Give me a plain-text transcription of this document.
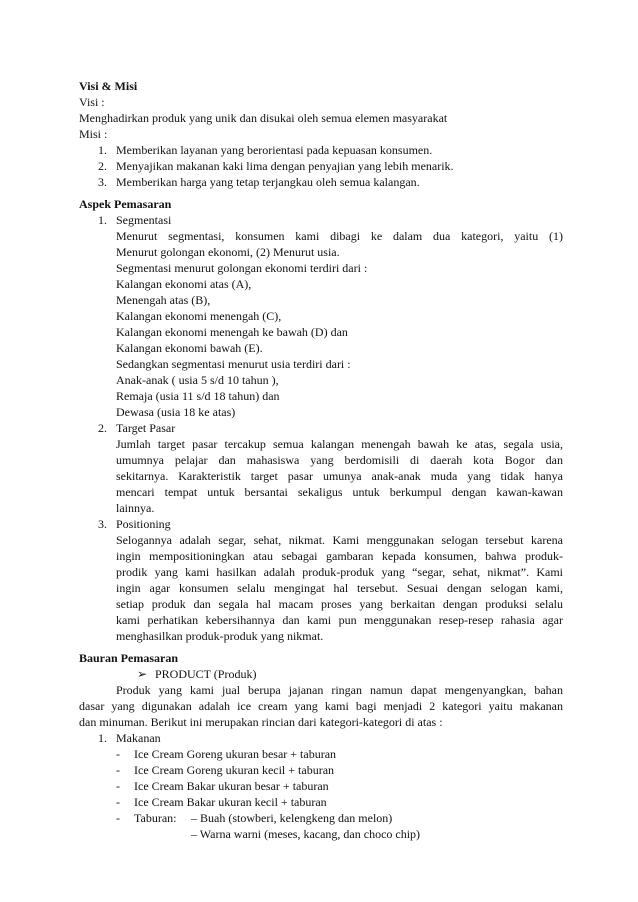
Visi & Misi
Visi :
Menghadirkan produk yang unik dan disukai oleh semua elemen masyarakat
Misi :
1. Memberikan layanan yang berorientasi pada kepuasan konsumen.
2. Menyajikan makanan kaki lima dengan penyajian yang lebih menarik.
3. Memberikan harga yang tetap terjangkau oleh semua kalangan.
Aspek Pemasaran
1. Segmentasi
Menurut segmentasi, konsumen kami dibagi ke dalam dua kategori, yaitu (1)
Menurut golongan ekonomi, (2) Menurut usia.
Segmentasi menurut golongan ekonomi terdiri dari :
Kalangan ekonomi atas (A),
Menengah atas (B),
Kalangan ekonomi menengah (C),
Kalangan ekonomi menengah ke bawah (D) dan
Kalangan ekonomi bawah (E).
Sedangkan segmentasi menurut usia terdiri dari :
Anak-anak ( usia 5 s/d 10 tahun ),
Remaja (usia 11 s/d 18 tahun) dan
Dewasa (usia 18 ke atas)
2. Target Pasar
Jumlah target pasar tercakup semua kalangan menengah bawah ke atas, segala usia,
umumnya pelajar dan mahasiswa yang berdomisili di daerah kota Bogor dan
sekitarnya. Karakteristik target pasar umunya anak-anak muda yang tidak hanya
mencari tempat untuk bersantai sekaligus untuk berkumpul dengan kawan-kawan
lainnya.
3. Positioning
Selogannya adalah segar, sehat, nikmat. Kami menggunakan selogan tersebut karena
ingin mempositioningkan atau sebagai gambaran kepada konsumen, bahwa produk-
prodik yang kami hasilkan adalah produk-produk yang “segar, sehat, nikmat”. Kami
ingin agar konsumen selalu mengingat hal tersebut. Sesuai dengan selogan kami,
setiap produk dan segala hal macam proses yang berkaitan dengan produksi selalu
kami perhatikan kebersihannya dan kami pun menggunakan resep-resep rahasia agar
menghasilkan produk-produk yang nikmat.
Bauran Pemasaran
➢ PRODUCT (Produk)
Produk yang kami jual berupa jajanan ringan namun dapat mengenyangkan, bahan
dasar yang digunakan adalah ice cream yang kami bagi menjadi 2 kategori yaitu makanan
dan minuman. Berikut ini merupakan rincian dari kategori-kategori di atas :
1. Makanan
- Ice Cream Goreng ukuran besar + taburan
- Ice Cream Goreng ukuran kecil + taburan
- Ice Cream Bakar ukuran besar + taburan
- Ice Cream Bakar ukuran kecil + taburan
- Taburan: – Buah (stowberi, kelengkeng dan melon)
– Warna warni (meses, kacang, dan choco chip)
